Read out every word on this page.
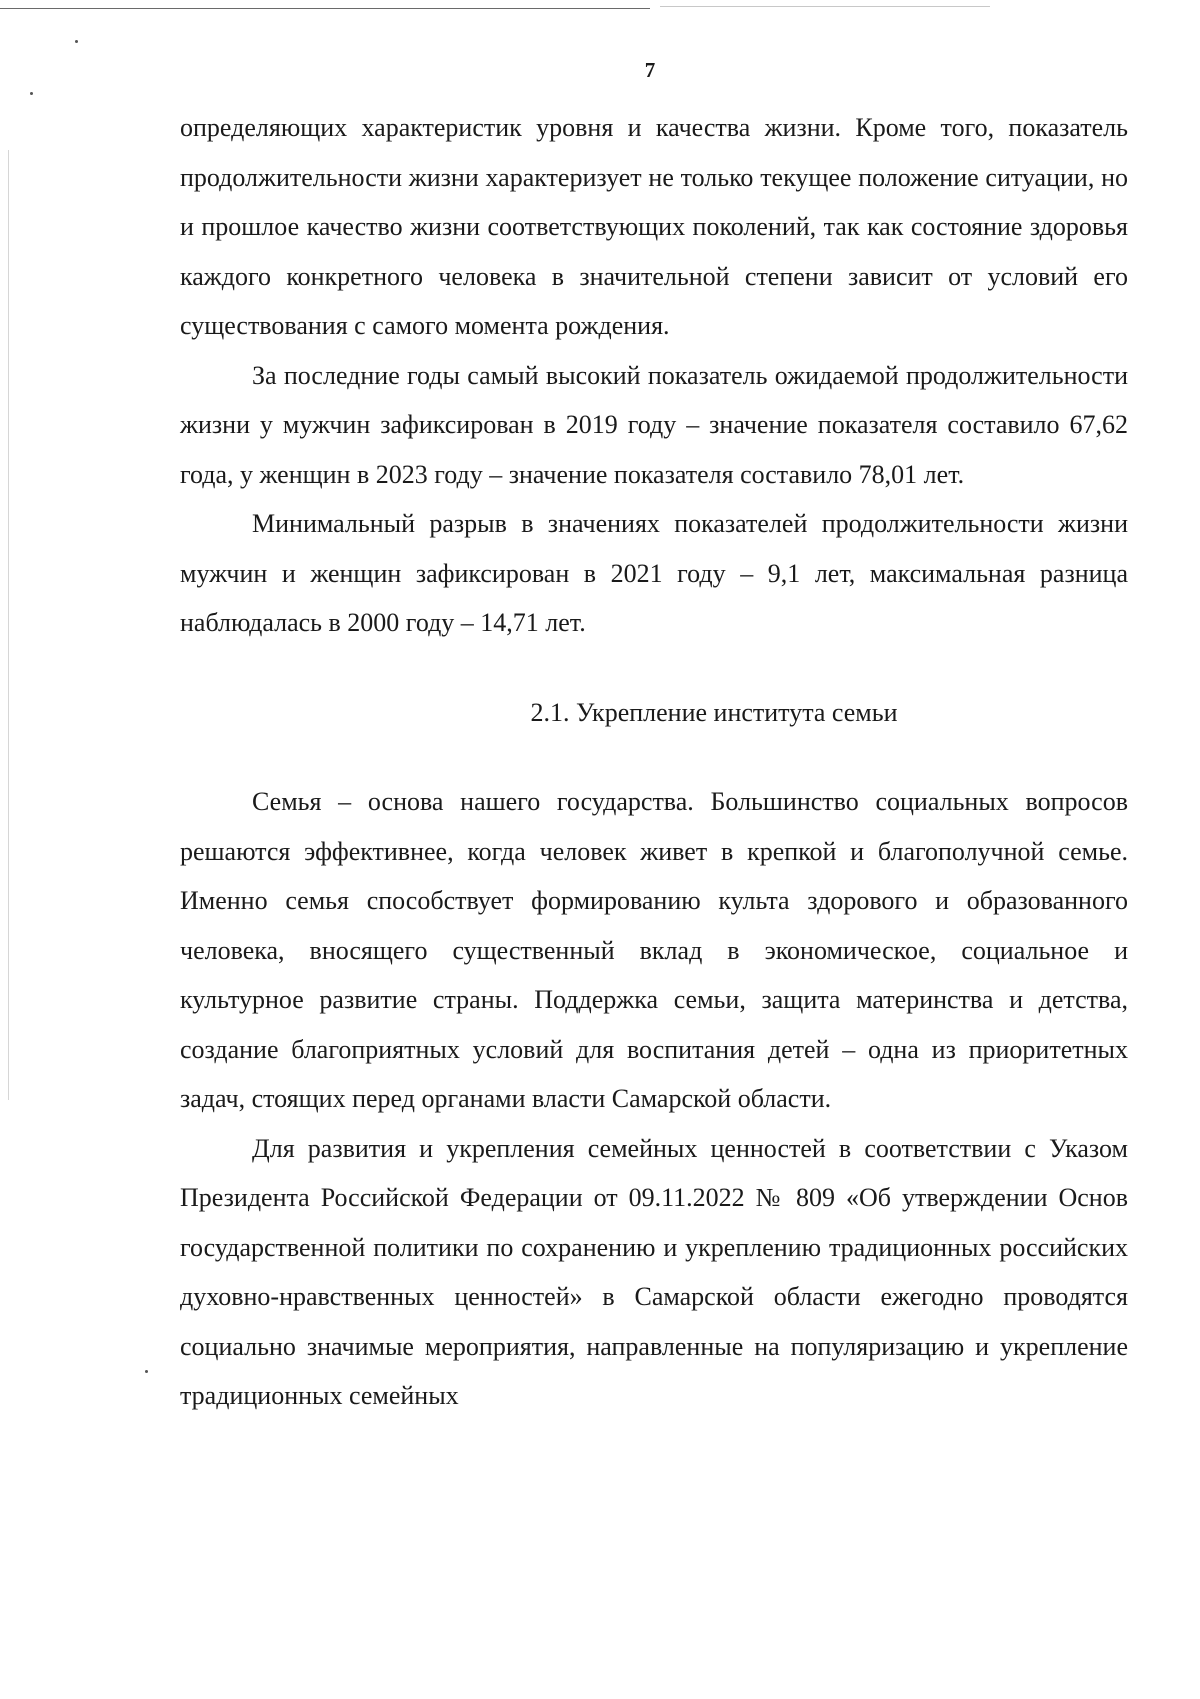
7

определяющих характеристик уровня и качества жизни. Кроме того, показатель продолжительности жизни характеризует не только текущее положение ситуации, но и прошлое качество жизни соответствующих поколений, так как состояние здоровья каждого конкретного человека в значительной степени зависит от условий его существования с самого момента рождения.

За последние годы самый высокий показатель ожидаемой продолжительности жизни у мужчин зафиксирован в 2019 году – значение показателя составило 67,62 года, у женщин в 2023 году – значение показателя составило 78,01 лет.

Минимальный разрыв в значениях показателей продолжительности жизни мужчин и женщин зафиксирован в 2021 году – 9,1 лет, максимальная разница наблюдалась в 2000 году – 14,71 лет.

2.1. Укрепление института семьи

Семья – основа нашего государства. Большинство социальных вопросов решаются эффективнее, когда человек живет в крепкой и благополучной семье. Именно семья способствует формированию культа здорового и образованного человека, вносящего существенный вклад в экономическое, социальное и культурное развитие страны. Поддержка семьи, защита материнства и детства, создание благоприятных условий для воспитания детей – одна из приоритетных задач, стоящих перед органами власти Самарской области.

Для развития и укрепления семейных ценностей в соответствии с Указом Президента Российской Федерации от 09.11.2022 № 809 «Об утверждении Основ государственной политики по сохранению и укреплению традиционных российских духовно-нравственных ценностей» в Самарской области ежегодно проводятся социально значимые мероприятия, направленные на популяризацию и укрепление традиционных семейных
